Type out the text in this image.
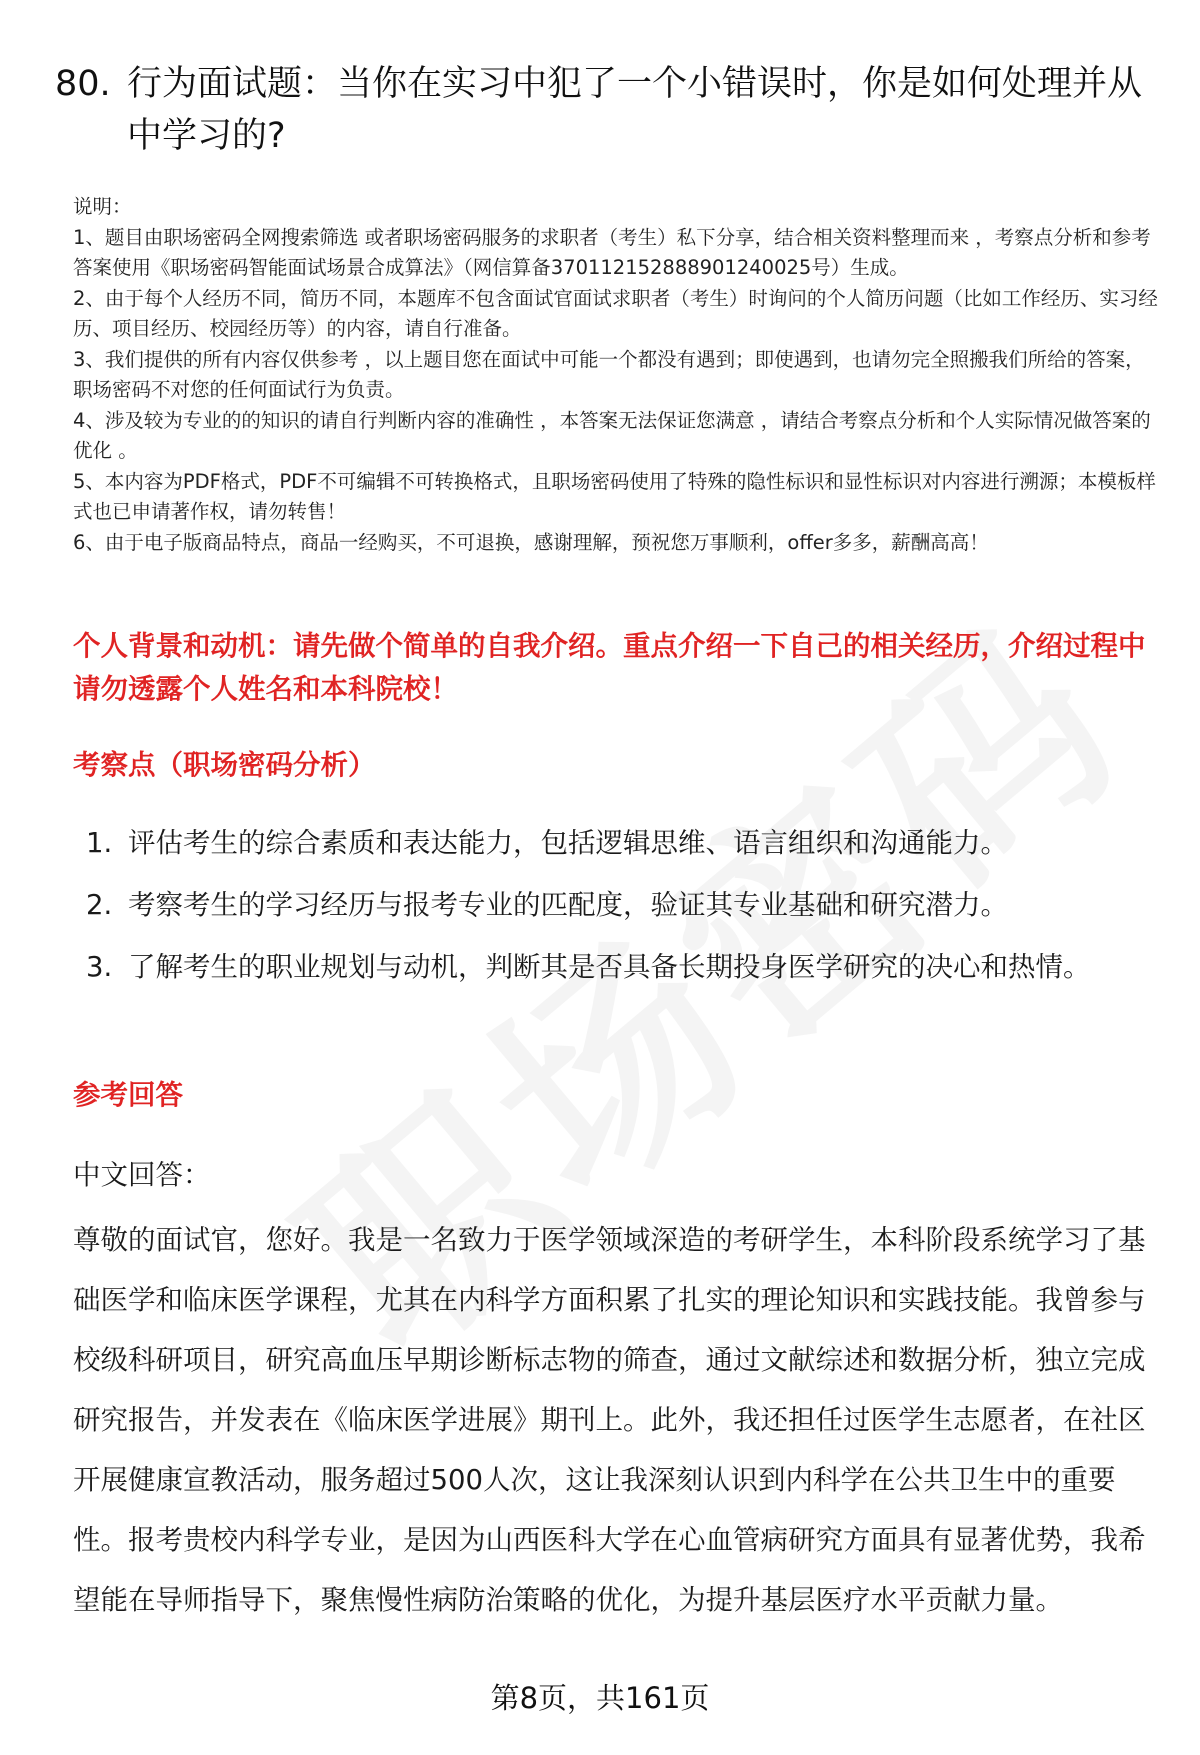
80. 行为面试题：当你在实习中犯了一个小错误时，你是如何处理并从中学习的?

说明：

1、题目由职场密码全网搜索筛选 或者职场密码服务的求职者（考生）私下分享，结合相关资料整理而来 ，考察点分析和参考答案使用《职场密码智能面试场景合成算法》（网信算备370112152888901240025号）生成。

2、由于每个人经历不同，简历不同，本题库不包含面试官面试求职者（考生）时询问的个人简历问题（比如工作经历、实习经历、项目经历、校园经历等）的内容，请自行准备。

3、我们提供的所有内容仅供参考 ，以上题目您在面试中可能一个都没有遇到；即使遇到，也请勿完全照搬我们所给的答案，职场密码不对您的任何面试行为负责。

4、涉及较为专业的的知识的请自行判断内容的准确性 ，本答案无法保证您满意 ，请结合考察点分析和个人实际情况做答案的优化 。

5、本内容为PDF格式，PDF不可编辑不可转换格式，且职场密码使用了特殊的隐性标识和显性标识对内容进行溯源；本模板样式也已申请著作权，请勿转售！

6、由于电子版商品特点，商品一经购买，不可退换，感谢理解，预祝您万事顺利，offer多多，薪酬高高！

个人背景和动机：请先做个简单的自我介绍。重点介绍一下自己的相关经历，介绍过程中请勿透露个人姓名和本科院校！
考察点（职场密码分析）
1. 评估考生的综合素质和表达能力，包括逻辑思维、语言组织和沟通能力。
2. 考察考生的学习经历与报考专业的匹配度，验证其专业基础和研究潜力。
3. 了解考生的职业规划与动机，判断其是否具备长期投身医学研究的决心和热情。
参考回答
中文回答：

尊敬的面试官，您好。我是一名致力于医学领域深造的考研学生，本科阶段系统学习了基础医学和临床医学课程，尤其在内科学方面积累了扎实的理论知识和实践技能。我曾参与校级科研项目，研究高血压早期诊断标志物的筛查，通过文献综述和数据分析，独立完成研究报告，并发表在《临床医学进展》期刊上。此外，我还担任过医学生志愿者，在社区开展健康宣教活动，服务超过500人次，这让我深刻认识到内科学在公共卫生中的重要性。报考贵校内科学专业，是因为山西医科大学在心血管病研究方面具有显著优势，我希望能在导师指导下，聚焦慢性病防治策略的优化，为提升基层医疗水平贡献力量。

第8页，共161页
